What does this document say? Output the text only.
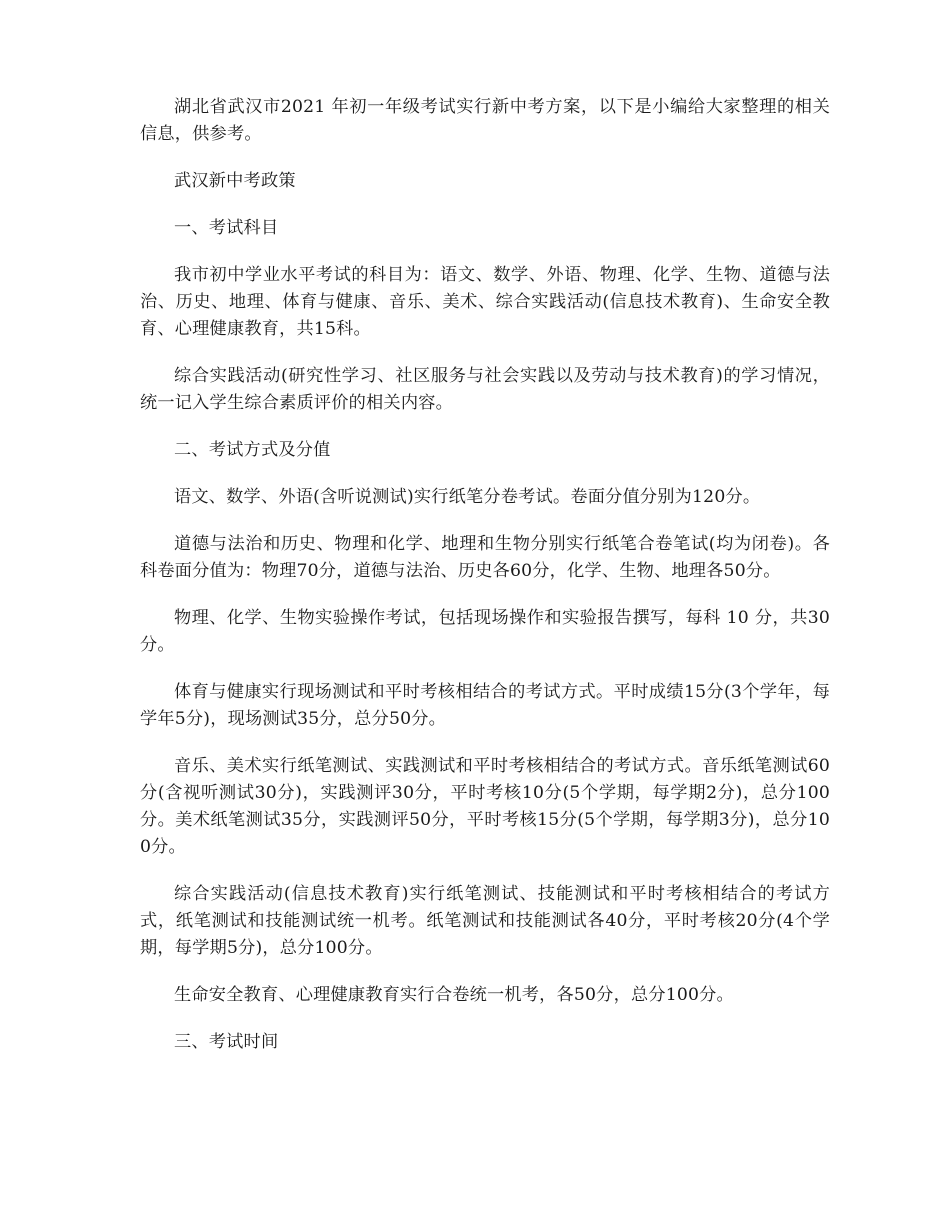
湖北省武汉市2021 年初一年级考试实行新中考方案，以下是小编给大家整理的相关信息，供参考。

武汉新中考政策

一、考试科目

我市初中学业水平考试的科目为：语文、数学、外语、物理、化学、生物、道德与法治、历史、地理、体育与健康、音乐、美术、综合实践活动(信息技术教育)、生命安全教育、心理健康教育，共15科。

综合实践活动(研究性学习、社区服务与社会实践以及劳动与技术教育)的学习情况，统一记入学生综合素质评价的相关内容。

二、考试方式及分值

语文、数学、外语(含听说测试)实行纸笔分卷考试。卷面分值分别为120分。

道德与法治和历史、物理和化学、地理和生物分别实行纸笔合卷笔试(均为闭卷)。各科卷面分值为：物理70分，道德与法治、历史各60分，化学、生物、地理各50分。

物理、化学、生物实验操作考试，包括现场操作和实验报告撰写，每科 10 分，共30分。

体育与健康实行现场测试和平时考核相结合的考试方式。平时成绩15分(3个学年，每学年5分)，现场测试35分，总分50分。

音乐、美术实行纸笔测试、实践测试和平时考核相结合的考试方式。音乐纸笔测试60分(含视听测试30分)，实践测评30分，平时考核10分(5个学期，每学期2分)，总分100分。美术纸笔测试35分，实践测评50分，平时考核15分(5个学期，每学期3分)，总分100分。

综合实践活动(信息技术教育)实行纸笔测试、技能测试和平时考核相结合的考试方式，纸笔测试和技能测试统一机考。纸笔测试和技能测试各40分，平时考核20分(4个学期，每学期5分)，总分100分。

生命安全教育、心理健康教育实行合卷统一机考，各50分，总分100分。

三、考试时间
